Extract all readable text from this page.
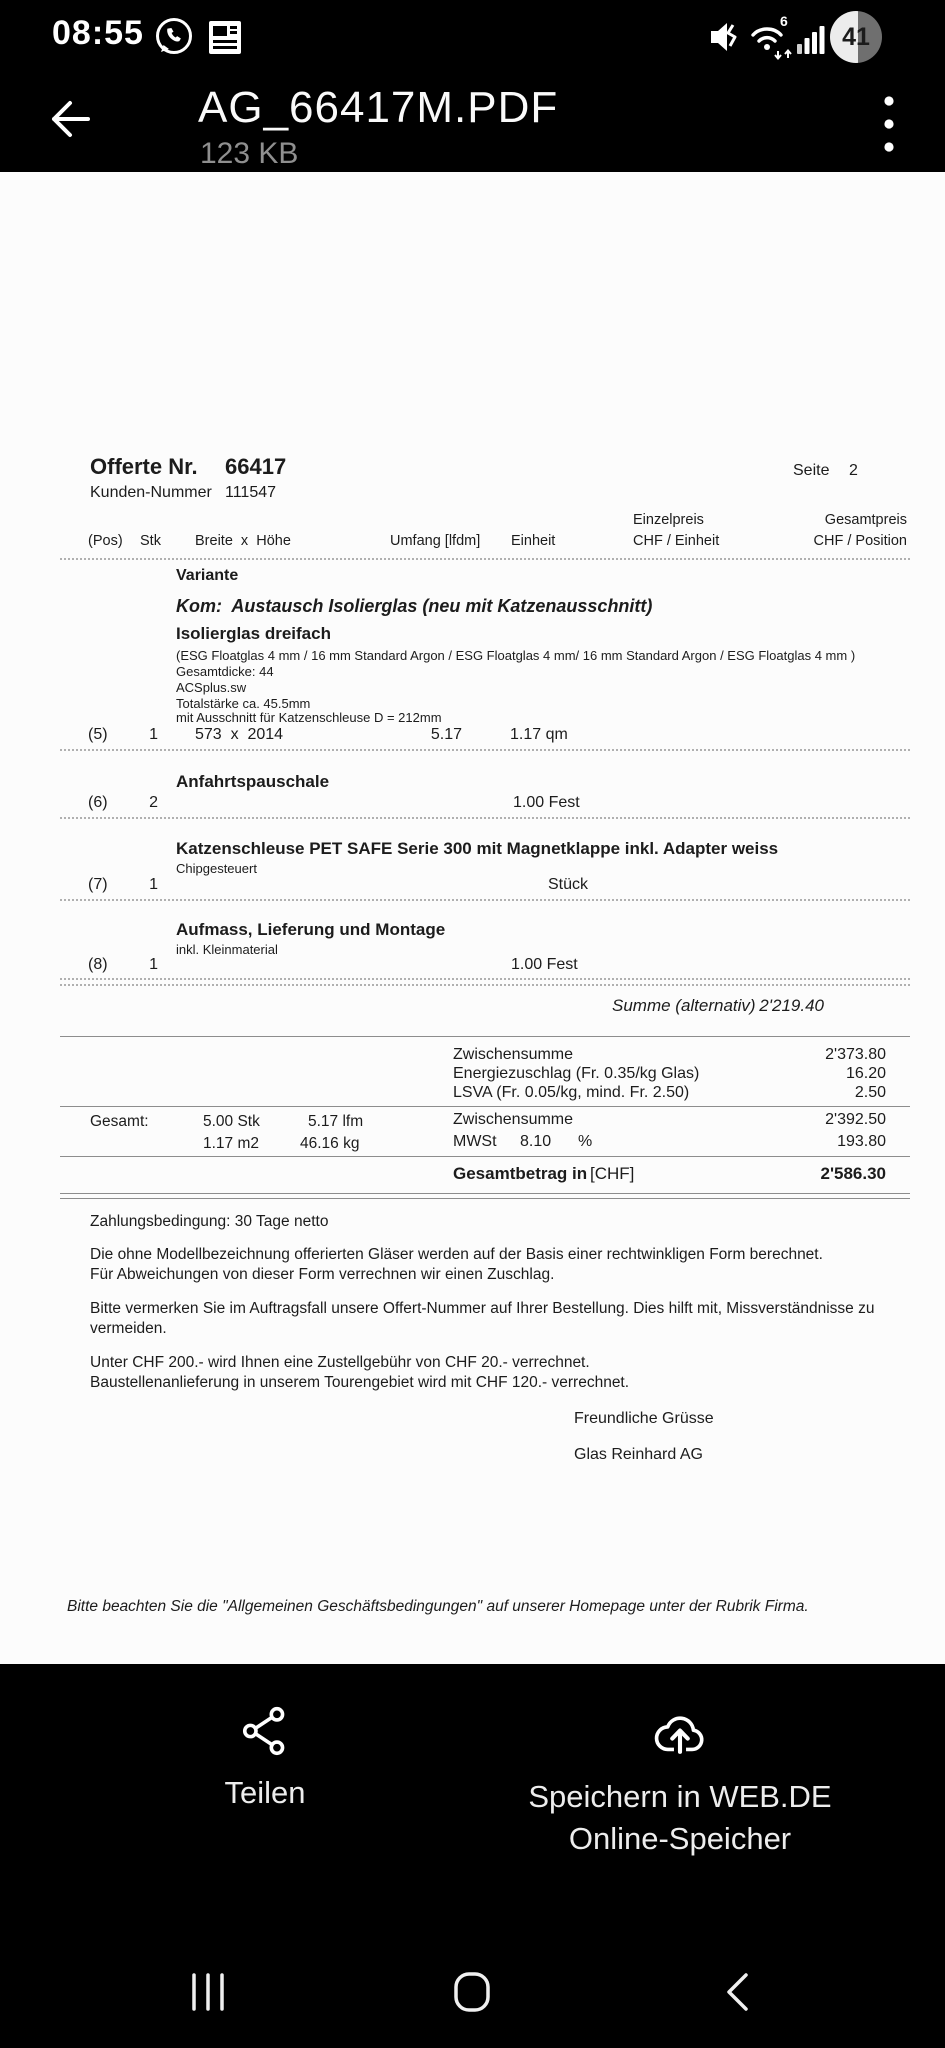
08:55	6
41
AG_66417M.PDF
123 KB
Offerte Nr. 66417	Seite 2
Kunden-Nummer 111547
Einzelpreis	Gesamtpreis
(Pos) Stk Breite  x  Höhe	Umfang [lfdm] Einheit	CHF / Einheit	CHF / Position
Variante
Kom:  Austausch Isolierglas (neu mit Katzenausschnitt)
Isolierglas dreifach
(ESG Floatglas 4 mm / 16 mm Standard Argon / ESG Floatglas 4 mm/ 16 mm Standard Argon / ESG Floatglas 4 mm )
Gesamtdicke: 44
ACSplus.sw
Totalstärke ca. 45.5mm
mit Ausschnitt für Katzenschleuse D = 212mm
(5)	1 573  x  2014	5.17	1.17 qm
Anfahrtspauschale
(6)	2	1.00 Fest
Katzenschleuse PET SAFE Serie 300 mit Magnetklappe inkl. Adapter weiss
Chipgesteuert
(7)	1	Stück
Aufmass, Lieferung und Montage
inkl. Kleinmaterial
(8)	1	1.00 Fest
Summe (alternativ) 2'219.40
Zwischensumme	2'373.80
Energiezuschlag (Fr. 0.35/kg Glas)	16.20
LSVA (Fr. 0.05/kg, mind. Fr. 2.50)	2.50
Gesamt:	5.00 Stk	5.17 lfm	Zwischensumme	2'392.50
1.17 m2	46.16 kg	MWSt 8.10 %	193.80
Gesamtbetrag in [CHF]	2'586.30
Zahlungsbedingung: 30 Tage netto
Die ohne Modellbezeichnung offerierten Gläser werden auf der Basis einer rechtwinkligen Form berechnet.
Für Abweichungen von dieser Form verrechnen wir einen Zuschlag.
Bitte vermerken Sie im Auftragsfall unsere Offert-Nummer auf Ihrer Bestellung. Dies hilft mit, Missverständnisse zu
vermeiden.
Unter CHF 200.- wird Ihnen eine Zustellgebühr von CHF 20.- verrechnet.
Baustellenanlieferung in unserem Tourengebiet wird mit CHF 120.- verrechnet.
Freundliche Grüsse
Glas Reinhard AG
Bitte beachten Sie die "Allgemeinen Geschäftsbedingungen" auf unserer Homepage unter der Rubrik Firma.
Teilen	Speichern in WEB.DE Online-Speicher
